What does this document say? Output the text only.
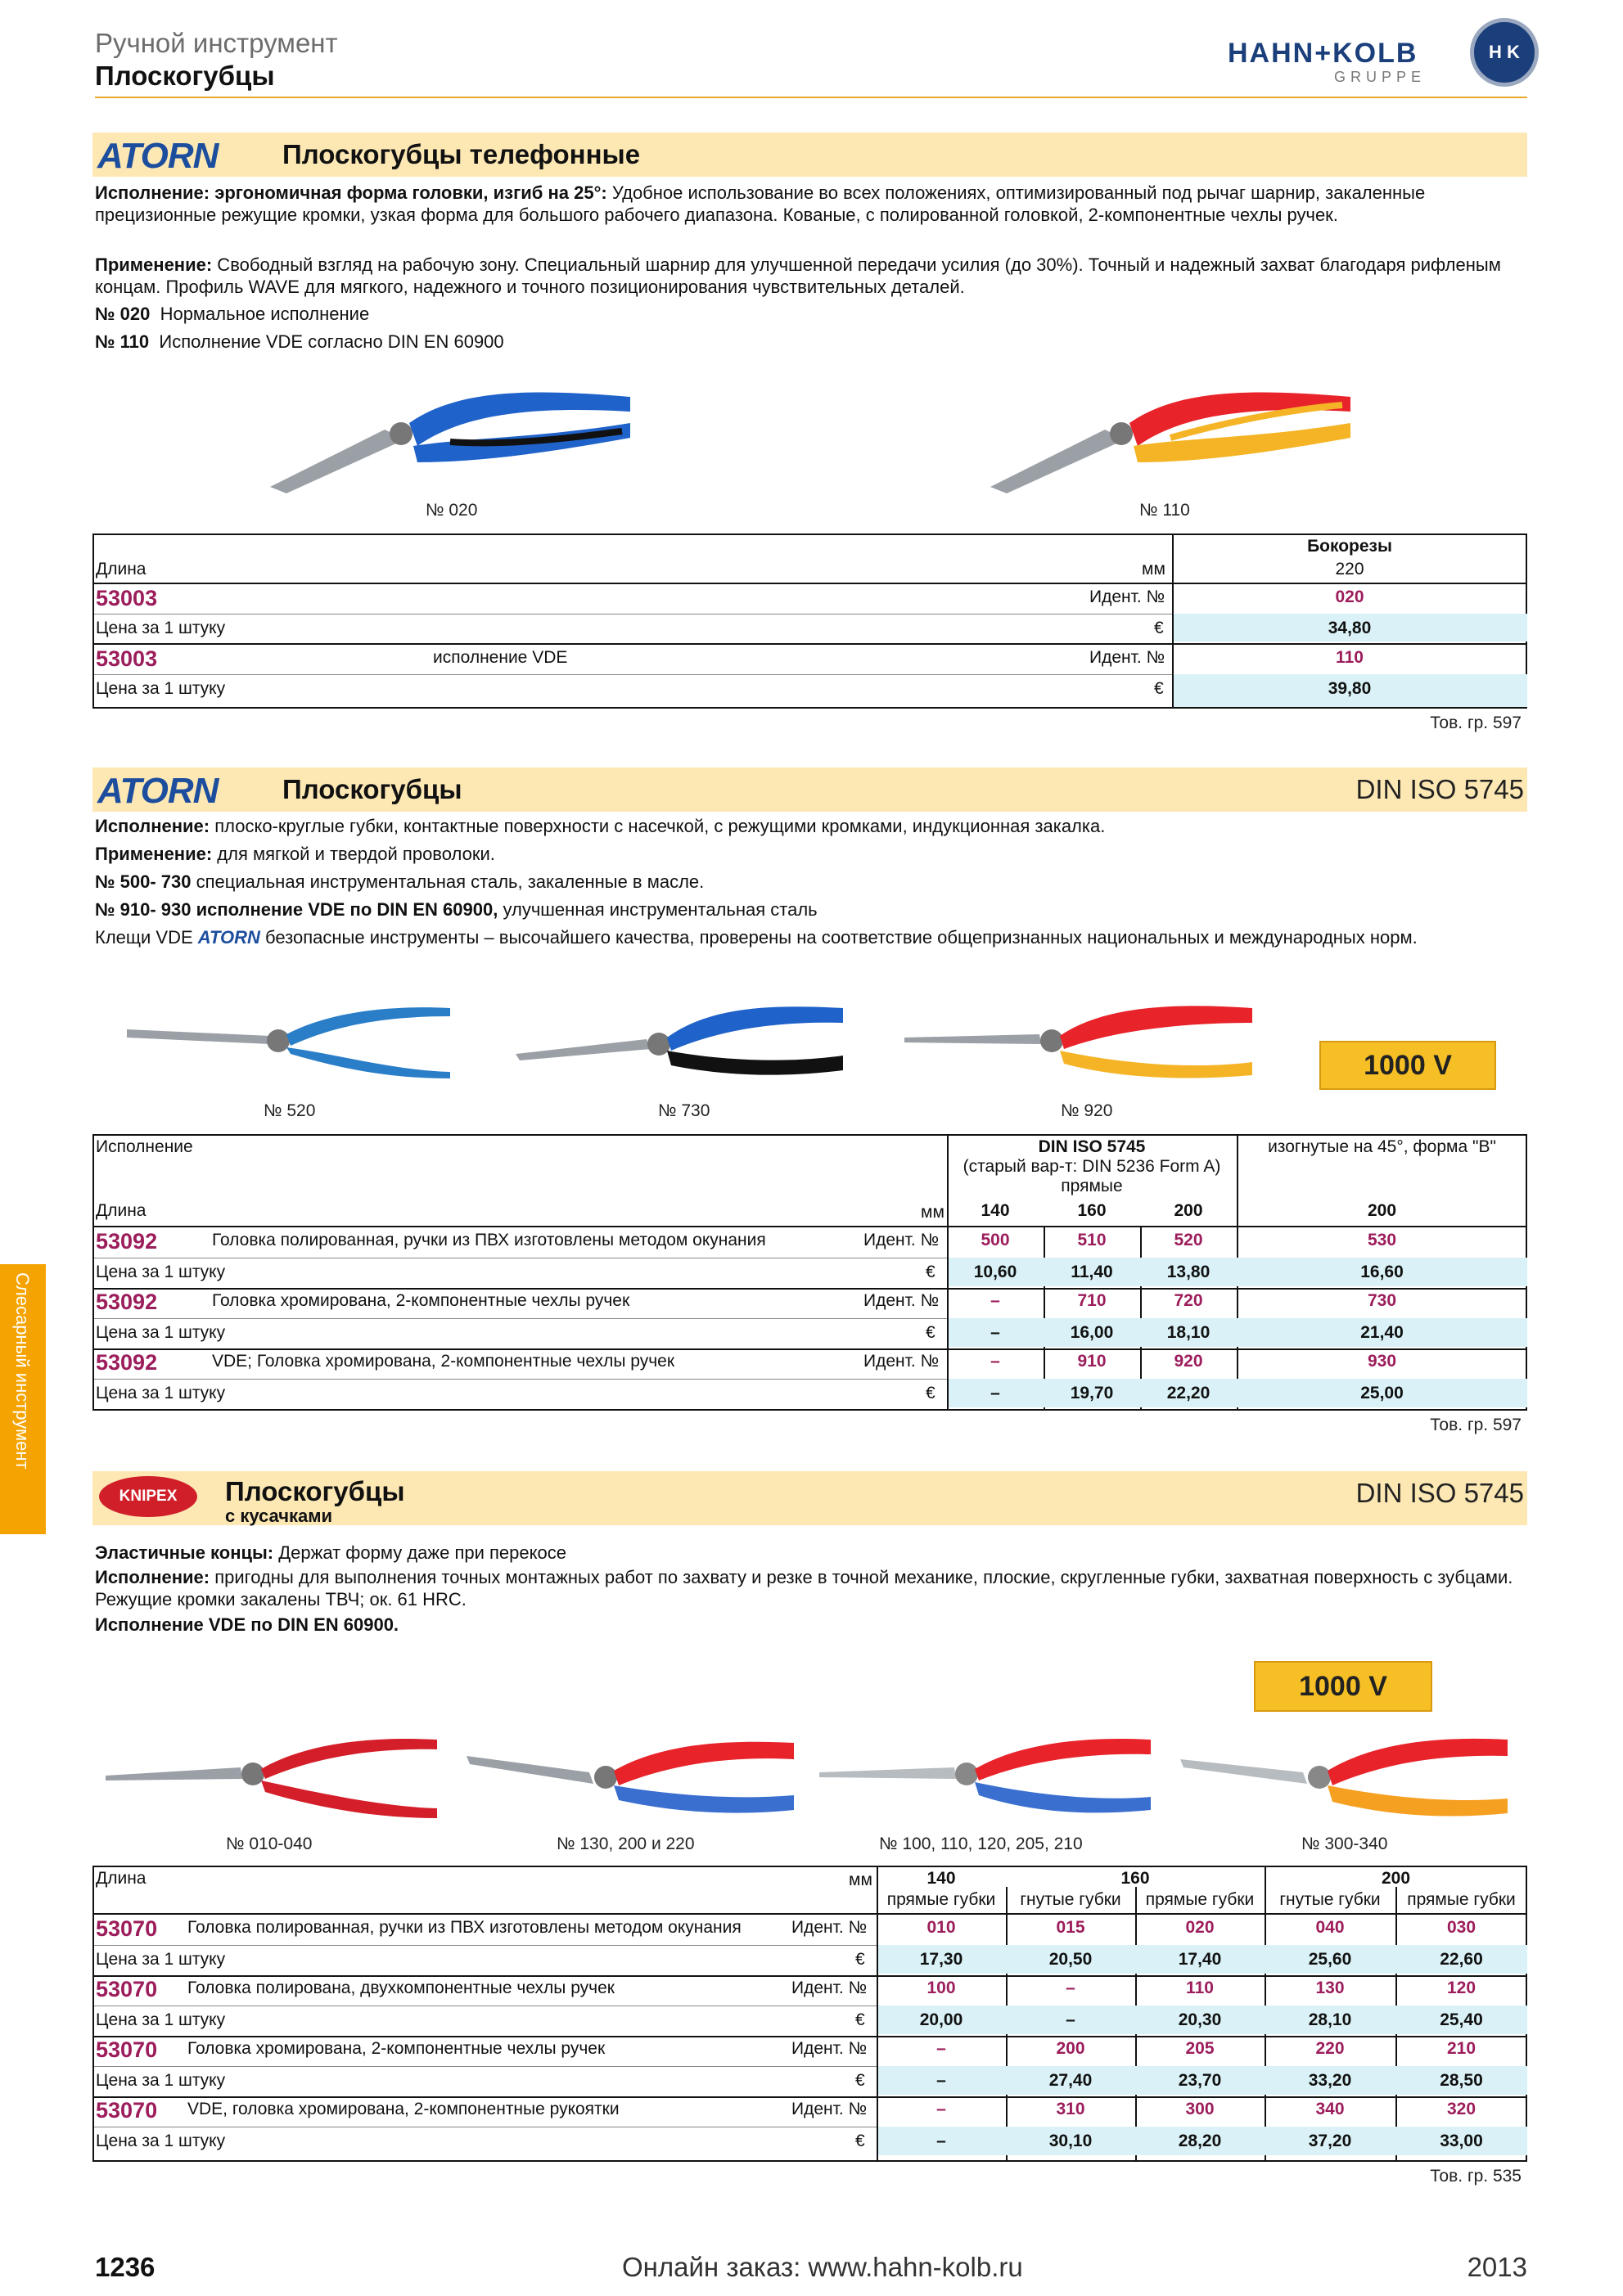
Ручной инструмент
Плоскогубцы
HAHN+KOLB
GRUPPE
H K
Слесарный инструмент
ATORN Плоскогубцы телефонные
Исполнение: эргономичная форма головки, изгиб на 25°: Удобное использование во всех положениях, оптимизированный под рычаг шарнир, закаленные прецизионные режущие кромки, узкая форма для большого рабочего диапазона. Кованые, с полированной головкой, 2-компонентные чехлы ручек.
Применение: Свободный взгляд на рабочую зону. Специальный шарнир для улучшенной передачи усилия (до 30%). Точный и надежный захват благодаря рифленым концам. Профиль WAVE для мягкого, надежного и точного позиционирования чувствительных деталей.
№ 020 Нормальное исполнение
№ 110 Исполнение VDE согласно DIN EN 60900
№ 020	№ 110
Бокорезы
Длина	мм	220
53003	Идент. №	020
Цена за 1 штуку	€	34,80
53003	исполнение VDE	Идент. №	110
Цена за 1 штуку	€	39,80
Тов. гр. 597
ATORN Плоскогубцы	DIN ISO 5745
Исполнение: плоско-круглые губки, контактные поверхности с насечкой, с режущими кромками, индукционная закалка.
Применение: для мягкой и твердой проволоки.
№ 500- 730 специальная инструментальная сталь, закаленные в масле.
№ 910- 930 исполнение VDE по DIN EN 60900, улучшенная инструментальная сталь
Клещи VDE ATORN безопасные инструменты – высочайшего качества, проверены на соответствие общепризнанных национальных и международных норм.
1000 V
№ 520	№ 730	№ 920
Исполнение	DIN ISO 5745
(старый вар-т: DIN 5236 Form A)
прямые
изогнутые на 45°, форма "B"
Длина	мм	140	160	200	200
53092	Головка полированная, ручки из ПВХ изготовлены методом окунания	Идент. №	500	510	520	530
Цена за 1 штуку	€	10,60	11,40	13,80	16,60
53092	Головка хромирована, 2-компонентные чехлы ручек	Идент. №	–	710	720	730
Цена за 1 штуку	€	–	16,00	18,10	21,40
53092	VDE; Головка хромирована, 2-компонентные чехлы ручек	Идент. №	–	910	920	930
Цена за 1 штуку	€	–	19,70	22,20	25,00
Тов. гр. 597
KNIPEX	Плоскогубцы
с кусачками
DIN ISO 5745
Эластичные концы: Держат форму даже при перекосе
Исполнение: пригодны для выполнения точных монтажных работ по захвату и резке в точной механике, плоские, скругленные губки, захватная поверхность с зубцами. Режущие кромки закалены ТВЧ; ок. 61 HRC.
Исполнение VDE по DIN EN 60900.
1000 V
№ 010-040	№ 130, 200 и 220	№ 100, 110, 120, 205, 210	№ 300-340
Длина	мм	140	160	200
прямые губки	гнутые губки	прямые губки	гнутые губки	прямые губки
53070 Головка полированная, ручки из ПВХ изготовлены методом окунания	Идент. №	010	015	020	040	030
Цена за 1 штуку	€	17,30	20,50	17,40	25,60	22,60
53070 Головка полирована, двухкомпонентные чехлы ручек	Идент. №	100	–	110	130	120
Цена за 1 штуку	€	20,00	–	20,30	28,10	25,40
53070 Головка хромирована, 2-компонентные чехлы ручек	Идент. №	–	200	205	220	210
Цена за 1 штуку	€	–	27,40	23,70	33,20	28,50
53070 VDE, головка хромирована, 2-компонентные рукоятки	Идент. №	–	310	300	340	320
Цена за 1 штуку	€	–	30,10	28,20	37,20	33,00
Тов. гр. 535
1236	Онлайн заказ: www.hahn-kolb.ru	2013
